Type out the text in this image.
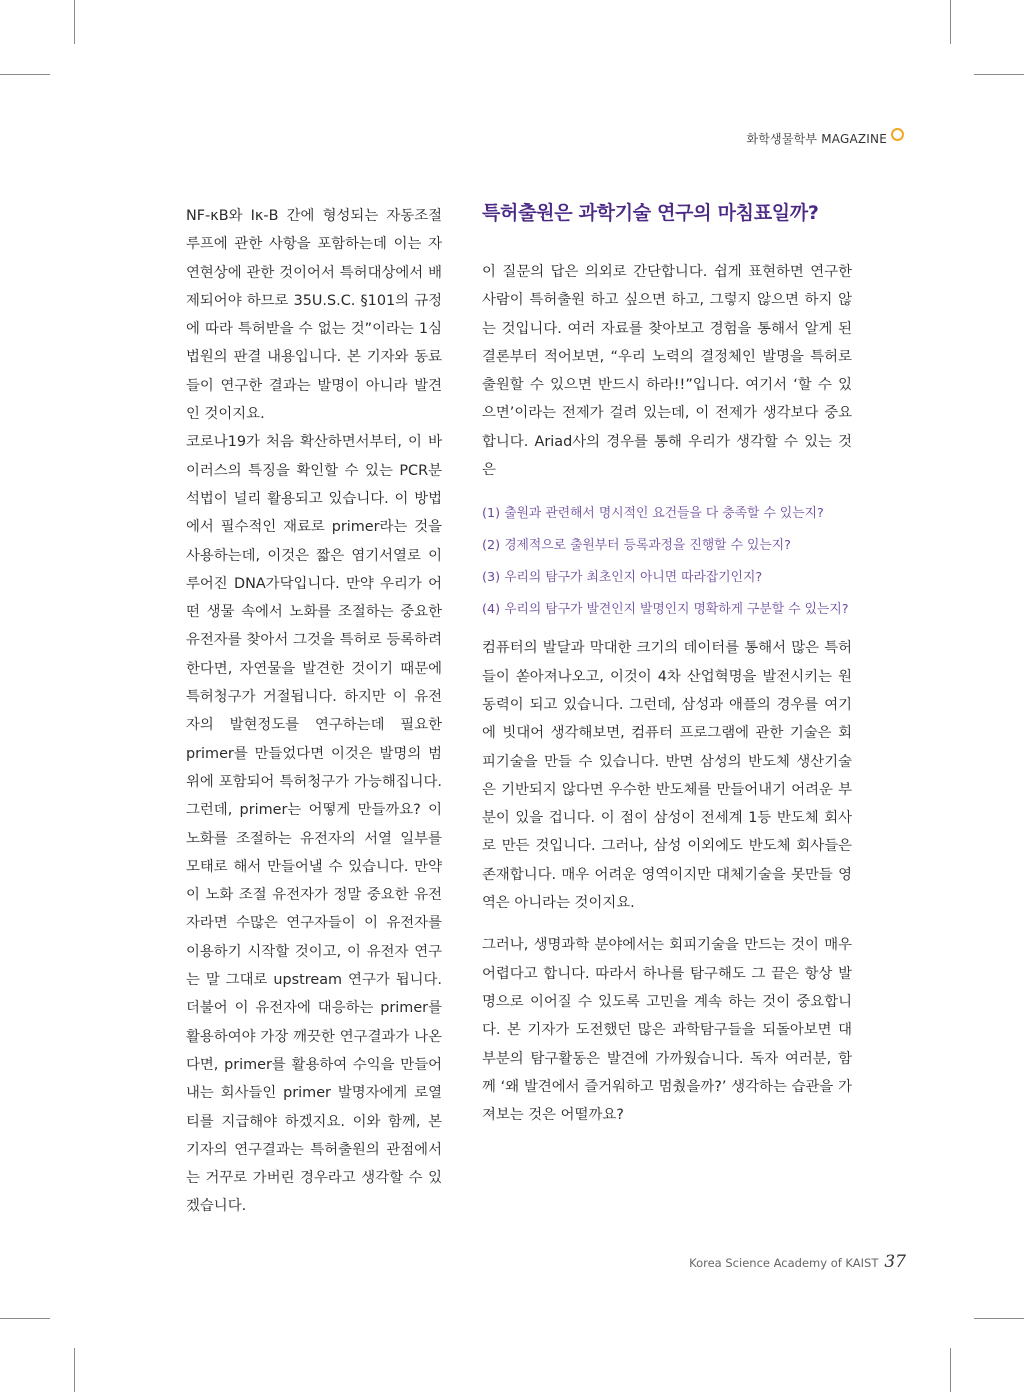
화학생물학부 MAGAZINE

NF-κB와 Iκ-B 간에 형성되는 자동조절 루프에 관한 사항을 포함하는데 이는 자연현상에 관한 것이어서 특허대상에서 배제되어야 하므로 35U.S.C. §101의 규정에 따라 특허받을 수 없는 것”이라는 1심법원의 판결 내용입니다. 본 기자와 동료들이 연구한 결과는 발명이 아니라 발견인 것이지요.

코로나19가 처음 확산하면서부터, 이 바이러스의 특징을 확인할 수 있는 PCR분석법이 널리 활용되고 있습니다. 이 방법에서 필수적인 재료로 primer라는 것을 사용하는데, 이것은 짧은 염기서열로 이루어진 DNA가닥입니다. 만약 우리가 어떤 생물 속에서 노화를 조절하는 중요한 유전자를 찾아서 그것을 특허로 등록하려 한다면, 자연물을 발견한 것이기 때문에 특허청구가 거절됩니다. 하지만 이 유전자의 발현정도를 연구하는데 필요한 primer를 만들었다면 이것은 발명의 범위에 포함되어 특허청구가 가능해집니다. 그런데, primer는 어떻게 만들까요? 이 노화를 조절하는 유전자의 서열 일부를 모태로 해서 만들어낼 수 있습니다. 만약 이 노화 조절 유전자가 정말 중요한 유전자라면 수많은 연구자들이 이 유전자를 이용하기 시작할 것이고, 이 유전자 연구는 말 그대로 upstream 연구가 됩니다. 더불어 이 유전자에 대응하는 primer를 활용하여야 가장 깨끗한 연구결과가 나온다면, primer를 활용하여 수익을 만들어내는 회사들인 primer 발명자에게 로열티를 지급해야 하겠지요. 이와 함께, 본 기자의 연구결과는 특허출원의 관점에서는 거꾸로 가버린 경우라고 생각할 수 있겠습니다.

특허출원은 과학기술 연구의 마침표일까?

이 질문의 답은 의외로 간단합니다. 쉽게 표현하면 연구한 사람이 특허출원 하고 싶으면 하고, 그렇지 않으면 하지 않는 것입니다. 여러 자료를 찾아보고 경험을 통해서 알게 된 결론부터 적어보면, “우리 노력의 결정체인 발명을 특허로 출원할 수 있으면 반드시 하라!!”입니다. 여기서 ‘할 수 있으면’이라는 전제가 걸려 있는데, 이 전제가 생각보다 중요합니다. Ariad사의 경우를 통해 우리가 생각할 수 있는 것은

(1) 출원과 관련해서 명시적인 요건들을 다 충족할 수 있는지?
(2) 경제적으로 출원부터 등록과정을 진행할 수 있는지?
(3) 우리의 탐구가 최초인지 아니면 따라잡기인지?
(4) 우리의 탐구가 발견인지 발명인지 명확하게 구분할 수 있는지?

컴퓨터의 발달과 막대한 크기의 데이터를 통해서 많은 특허들이 쏟아져나오고, 이것이 4차 산업혁명을 발전시키는 원동력이 되고 있습니다. 그런데, 삼성과 애플의 경우를 여기에 빗대어 생각해보면, 컴퓨터 프로그램에 관한 기술은 회피기술을 만들 수 있습니다. 반면 삼성의 반도체 생산기술은 기반되지 않다면 우수한 반도체를 만들어내기 어려운 부분이 있을 겁니다. 이 점이 삼성이 전세계 1등 반도체 회사로 만든 것입니다. 그러나, 삼성 이외에도 반도체 회사들은 존재합니다. 매우 어려운 영역이지만 대체기술을 못만들 영역은 아니라는 것이지요.

그러나, 생명과학 분야에서는 회피기술을 만드는 것이 매우 어렵다고 합니다. 따라서 하나를 탐구해도 그 끝은 항상 발명으로 이어질 수 있도록 고민을 계속 하는 것이 중요합니다. 본 기자가 도전했던 많은 과학탐구들을 되돌아보면 대부분의 탐구활동은 발견에 가까웠습니다. 독자 여러분, 함께 ‘왜 발견에서 즐거워하고 멈췄을까?’ 생각하는 습관을 가져보는 것은 어떨까요?

Korea Science Academy of KAIST 37
